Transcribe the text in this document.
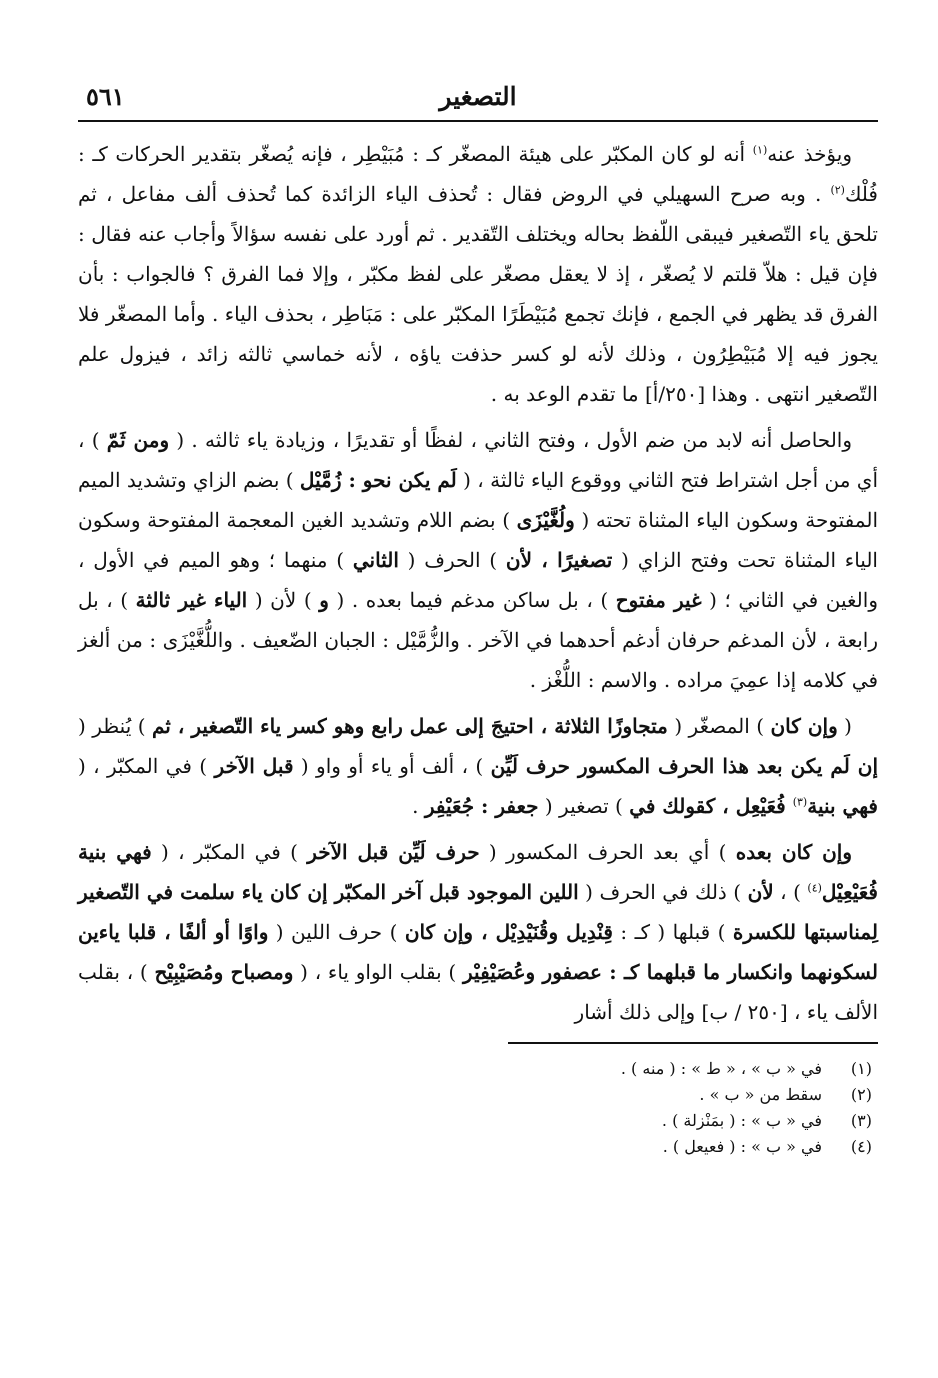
التصغير
٥٦١

ويؤخذ عنه$^{(١)}$ أنه لو كان المكبّر على هيئة المصغّر كـ : مُبَيْطِر ، فإنه يُصغّر بتقدير الحركات كـ : فُلْك$^{(٢)}$ . وبه صرح السهيلي في الروض فقال : تُحذف الياء الزائدة كما تُحذف ألف مفاعل ، ثم تلحق ياء التّصغير فيبقى اللّفظ بحاله ويختلف التّقدير . ثم أورد على نفسه سؤالاً وأجاب عنه فقال : فإن قيل : هلاّ قلتم لا يُصغّر ، إذ لا يعقل مصغّر على لفظ مكبّر ، وإلا فما الفرق ؟ فالجواب : بأن الفرق قد يظهر في الجمع ، فإنك تجمع مُبَيْطَرًا المكبّر على : مَبَاطِر ، بحذف الياء . وأما المصغّر فلا يجوز فيه إلا مُبَيْطِرُون ، وذلك لأنه لو كسر حذفت ياؤه ، لأنه خماسي ثالثه زائد ، فيزول علم التّصغير انتهى . وهذا [٢٥٠/أ] ما تقدم الوعد به .

والحاصل أنه لابد من ضم الأول ، وفتح الثاني ، لفظًا أو تقديرًا ، وزيادة ياء ثالثه . ( ومن ثَمّ ) ، أي من أجل اشتراط فتح الثاني ووقوع الياء ثالثة ، ( لَم يكن نحو : زُمَّيْل ) بضم الزاي وتشديد الميم المفتوحة وسكون الياء المثناة تحته ( ولُغَّيْزَى ) بضم اللام وتشديد الغين المعجمة المفتوحة وسكون الياء المثناة تحت وفتح الزاي ( تصغيرًا ، لأن ) الحرف ( الثاني ) منهما ؛ وهو الميم في الأول ، والغين في الثاني ؛ ( غير مفتوح ) ، بل ساكن مدغم فيما بعده . ( و ) لأن ( الياء غير ثالثة ) ، بل رابعة ، لأن المدغم حرفان أدغم أحدهما في الآخر . والزُّمَّيْل : الجبان الضّعيف . واللُّغَّيْزَى : من ألغز في كلامه إذا عمِيَ مراده . والاسم : اللُّغْز .

( وإن كان ) المصغّر ( متجاوزًا الثلاثة ، احتيجَ إلى عمل رابع وهو كسر ياء التّصغير ، ثم ) يُنظر ( إن لَم يكن بعد هذا الحرف المكسور حرف لَيِّن ) ، ألف أو ياء أو واو ( قبل الآخر ) في المكبّر ، ( فهي بنية$^{(٣)}$ فُعَيْعِل ، كقولك في ) تصغير ( جعفر : جُعَيْفِر .

وإن كان بعده ) أي بعد الحرف المكسور ( حرف لَيِّن قبل الآخر ) في المكبّر ، ( فهي بنية فُعَيْعِيْل$^{(٤)}$ ) ، لأن ) ذلك في الحرف ( اللين الموجود قبل آخر المكبّر إن كان ياء سلمت في التّصغير لِمناسبتها للكسرة ) قبلها ( كـ : قِنْدِيل وقُنَيْدِيْل ، وإن كان ) حرف اللين ( واوًا أو ألفًا ، قلبا ياءين لسكونهما وانكسار ما قبلهما كـ : عصفور وعُصَيْفِيْر ) بقلب الواو ياء ، ( ومصباح ومُصَيْبِيْح ) ، بقلب الألف ياء ، [٢٥٠ / ب] وإلى ذلك أشار

(١)
في « ب » ، « ط » : ( منه ) .
(٢)
سقط من « ب » .
(٣)
في « ب » : ( بمَنْزلة ) .
(٤)
في « ب » : ( فعيعل ) .
